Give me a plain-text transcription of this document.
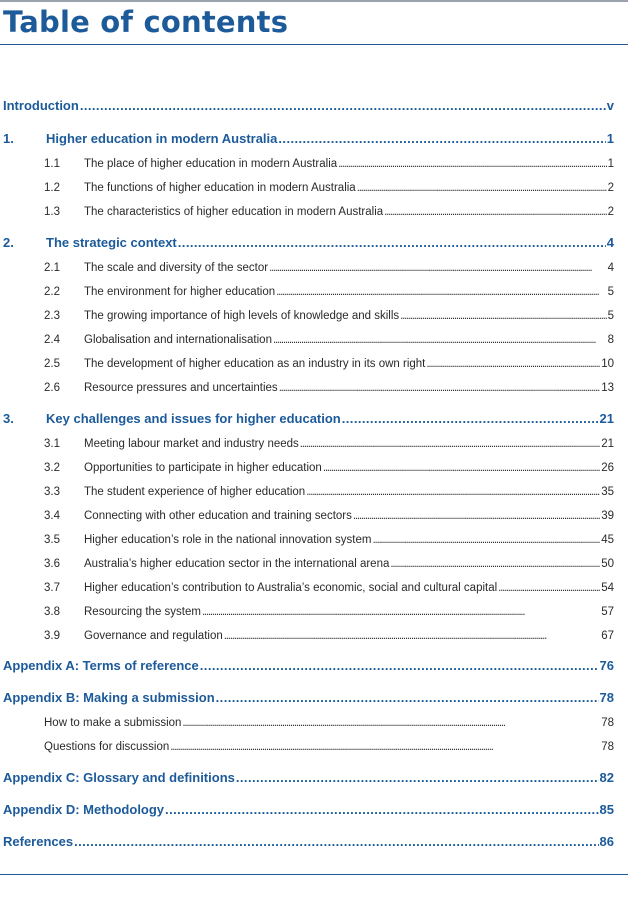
Table of contents
Introduction . . .	v
1.	Higher education in modern Australia . . .	1
1.1	The place of higher education in modern Australia . . .	1
1.2	The functions of higher education in modern Australia . . .	2
1.3	The characteristics of higher education in modern Australia . . .	2
2.	The strategic context . . .	4
2.1	The scale and diversity of the sector . . .	4
2.2	The environment for higher education . . .	5
2.3	The growing importance of high levels of knowledge and skills . . .	5
2.4	Globalisation and internationalisation . . .	8
2.5	The development of higher education as an industry in its own right . . .	10
2.6	Resource pressures and uncertainties . . .	13
3.	Key challenges and issues for higher education . . .	21
3.1	Meeting labour market and industry needs . . .	21
3.2	Opportunities to participate in higher education . . .	26
3.3	The student experience of higher education . . .	35
3.4	Connecting with other education and training sectors . . .	39
3.5	Higher education’s role in the national innovation system . . .	45
3.6	Australia’s higher education sector in the international arena . . .	50
3.7	Higher education’s contribution to Australia’s economic, social and cultural capital . . .	54
3.8	Resourcing the system . . .	57
3.9	Governance and regulation . . .	67
Appendix A: Terms of reference . . .	76
Appendix B: Making a submission . . .	78
How to make a submission . . .	78
Questions for discussion . . .	78
Appendix C: Glossary and definitions . . .	82
Appendix D: Methodology . . .	85
References . . .	86
